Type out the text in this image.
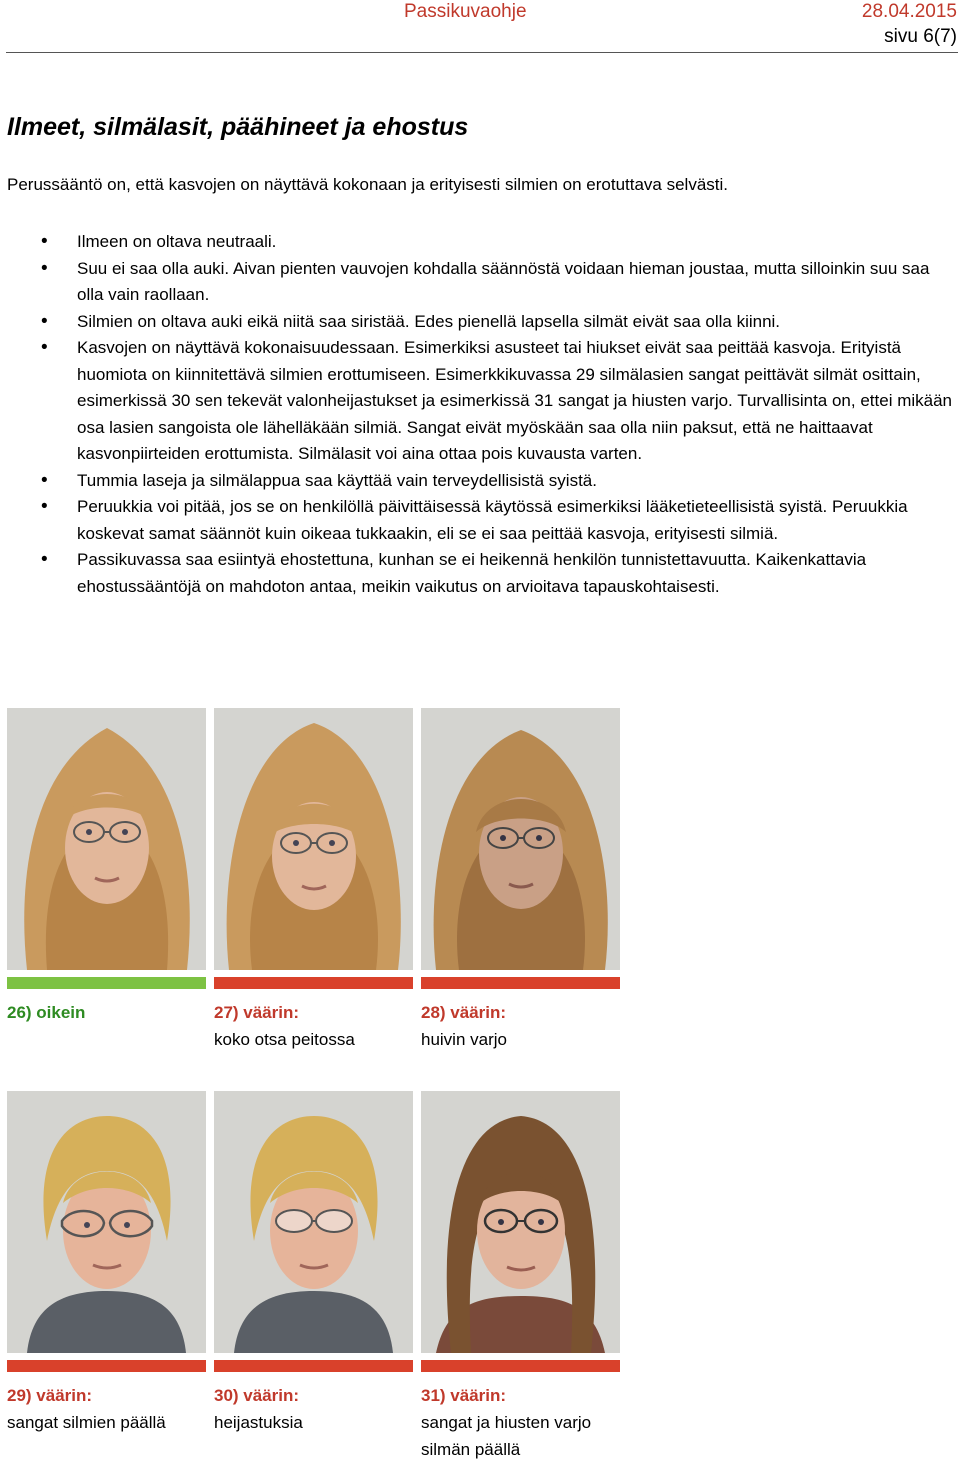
Passikuvaohje	28.04.2015
sivu 6(7)
Ilmeet, silmälasit, päähineet ja ehostus
Perussääntö on, että kasvojen on näyttävä kokonaan ja erityisesti silmien on erotuttava selvästi.
• Ilmeen on oltava neutraali.
• Suu ei saa olla auki. Aivan pienten vauvojen kohdalla säännöstä voidaan hieman joustaa, mutta silloinkin suu saa olla vain raollaan.
• Silmien on oltava auki eikä niitä saa siristää. Edes pienellä lapsella silmät eivät saa olla kiinni.
• Kasvojen on näyttävä kokonaisuudessaan. Esimerkiksi asusteet tai hiukset eivät saa peittää kasvoja. Erityistä huomiota on kiinnitettävä silmien erottumiseen. Esimerkkikuvassa 29 silmälasien sangat peittävät silmät osittain, esimerkissä 30 sen tekevät valonheijastukset ja esimerkissä 31 sangat ja hiusten varjo. Turvallisinta on, ettei mikään osa lasien sangoista ole lähelläkään silmiä. Sangat eivät myöskään saa olla niin paksut, että ne haittaavat kasvonpiirteiden erottumista. Silmälasit voi aina ottaa pois kuvausta varten.
• Tummia laseja ja silmälappua saa käyttää vain terveydellisistä syistä.
• Peruukkia voi pitää, jos se on henkilöllä päivittäisessä käytössä esimerkiksi lääketieteellisistä syistä. Peruukkia koskevat samat säännöt kuin oikeaa tukkaakin, eli se ei saa peittää kasvoja, erityisesti silmiä.
• Passikuvassa saa esiintyä ehostettuna, kunhan se ei heikennä henkilön tunnistettavuutta. Kaikenkattavia ehostussääntöjä on mahdoton antaa, meikin vaikutus on arvioitava tapauskohtaisesti.
26) oikein	27) väärin:
koko otsa peitossa
28) väärin:
huivin varjo
29) väärin:
sangat silmien päällä
30) väärin:
heijastuksia
31) väärin:
sangat ja hiusten varjo
silmän päällä
